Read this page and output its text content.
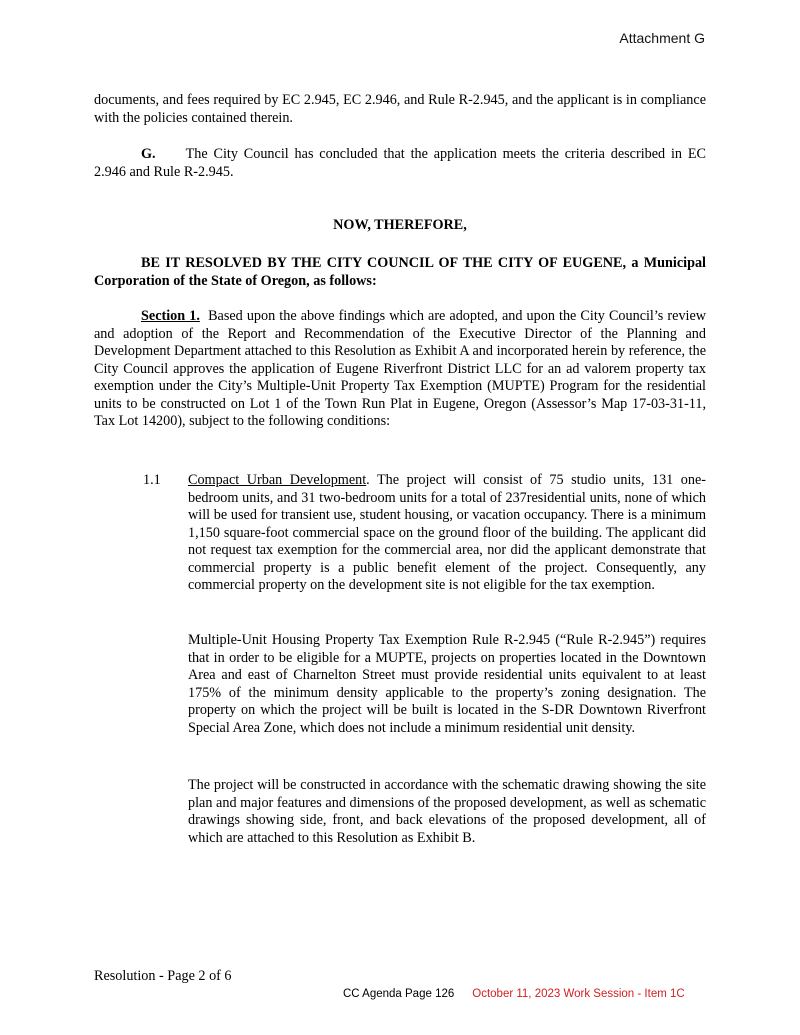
Attachment G
documents, and fees required by EC 2.945, EC 2.946, and Rule R-2.945, and the applicant is in compliance with the policies contained therein.
G. The City Council has concluded that the application meets the criteria described in EC 2.946 and Rule R-2.945.
NOW, THEREFORE,
BE IT RESOLVED BY THE CITY COUNCIL OF THE CITY OF EUGENE, a Municipal Corporation of the State of Oregon, as follows:
Section 1. Based upon the above findings which are adopted, and upon the City Council’s review and adoption of the Report and Recommendation of the Executive Director of the Planning and Development Department attached to this Resolution as Exhibit A and incorporated herein by reference, the City Council approves the application of Eugene Riverfront District LLC for an ad valorem property tax exemption under the City’s Multiple-Unit Property Tax Exemption (MUPTE) Program for the residential units to be constructed on Lot 1 of the Town Run Plat in Eugene, Oregon (Assessor’s Map 17-03-31-11, Tax Lot 14200), subject to the following conditions:
1.1 Compact Urban Development. The project will consist of 75 studio units, 131 one-bedroom units, and 31 two-bedroom units for a total of 237residential units, none of which will be used for transient use, student housing, or vacation occupancy. There is a minimum 1,150 square-foot commercial space on the ground floor of the building. The applicant did not request tax exemption for the commercial area, nor did the applicant demonstrate that commercial property is a public benefit element of the project. Consequently, any commercial property on the development site is not eligible for the tax exemption.
Multiple-Unit Housing Property Tax Exemption Rule R-2.945 (“Rule R-2.945”) requires that in order to be eligible for a MUPTE, projects on properties located in the Downtown Area and east of Charnelton Street must provide residential units equivalent to at least 175% of the minimum density applicable to the property’s zoning designation. The property on which the project will be built is located in the S-DR Downtown Riverfront Special Area Zone, which does not include a minimum residential unit density.
The project will be constructed in accordance with the schematic drawing showing the site plan and major features and dimensions of the proposed development, as well as schematic drawings showing side, front, and back elevations of the proposed development, all of which are attached to this Resolution as Exhibit B.
Resolution - Page 2 of 6
CC Agenda Page 126 October 11, 2023 Work Session - Item 1C
